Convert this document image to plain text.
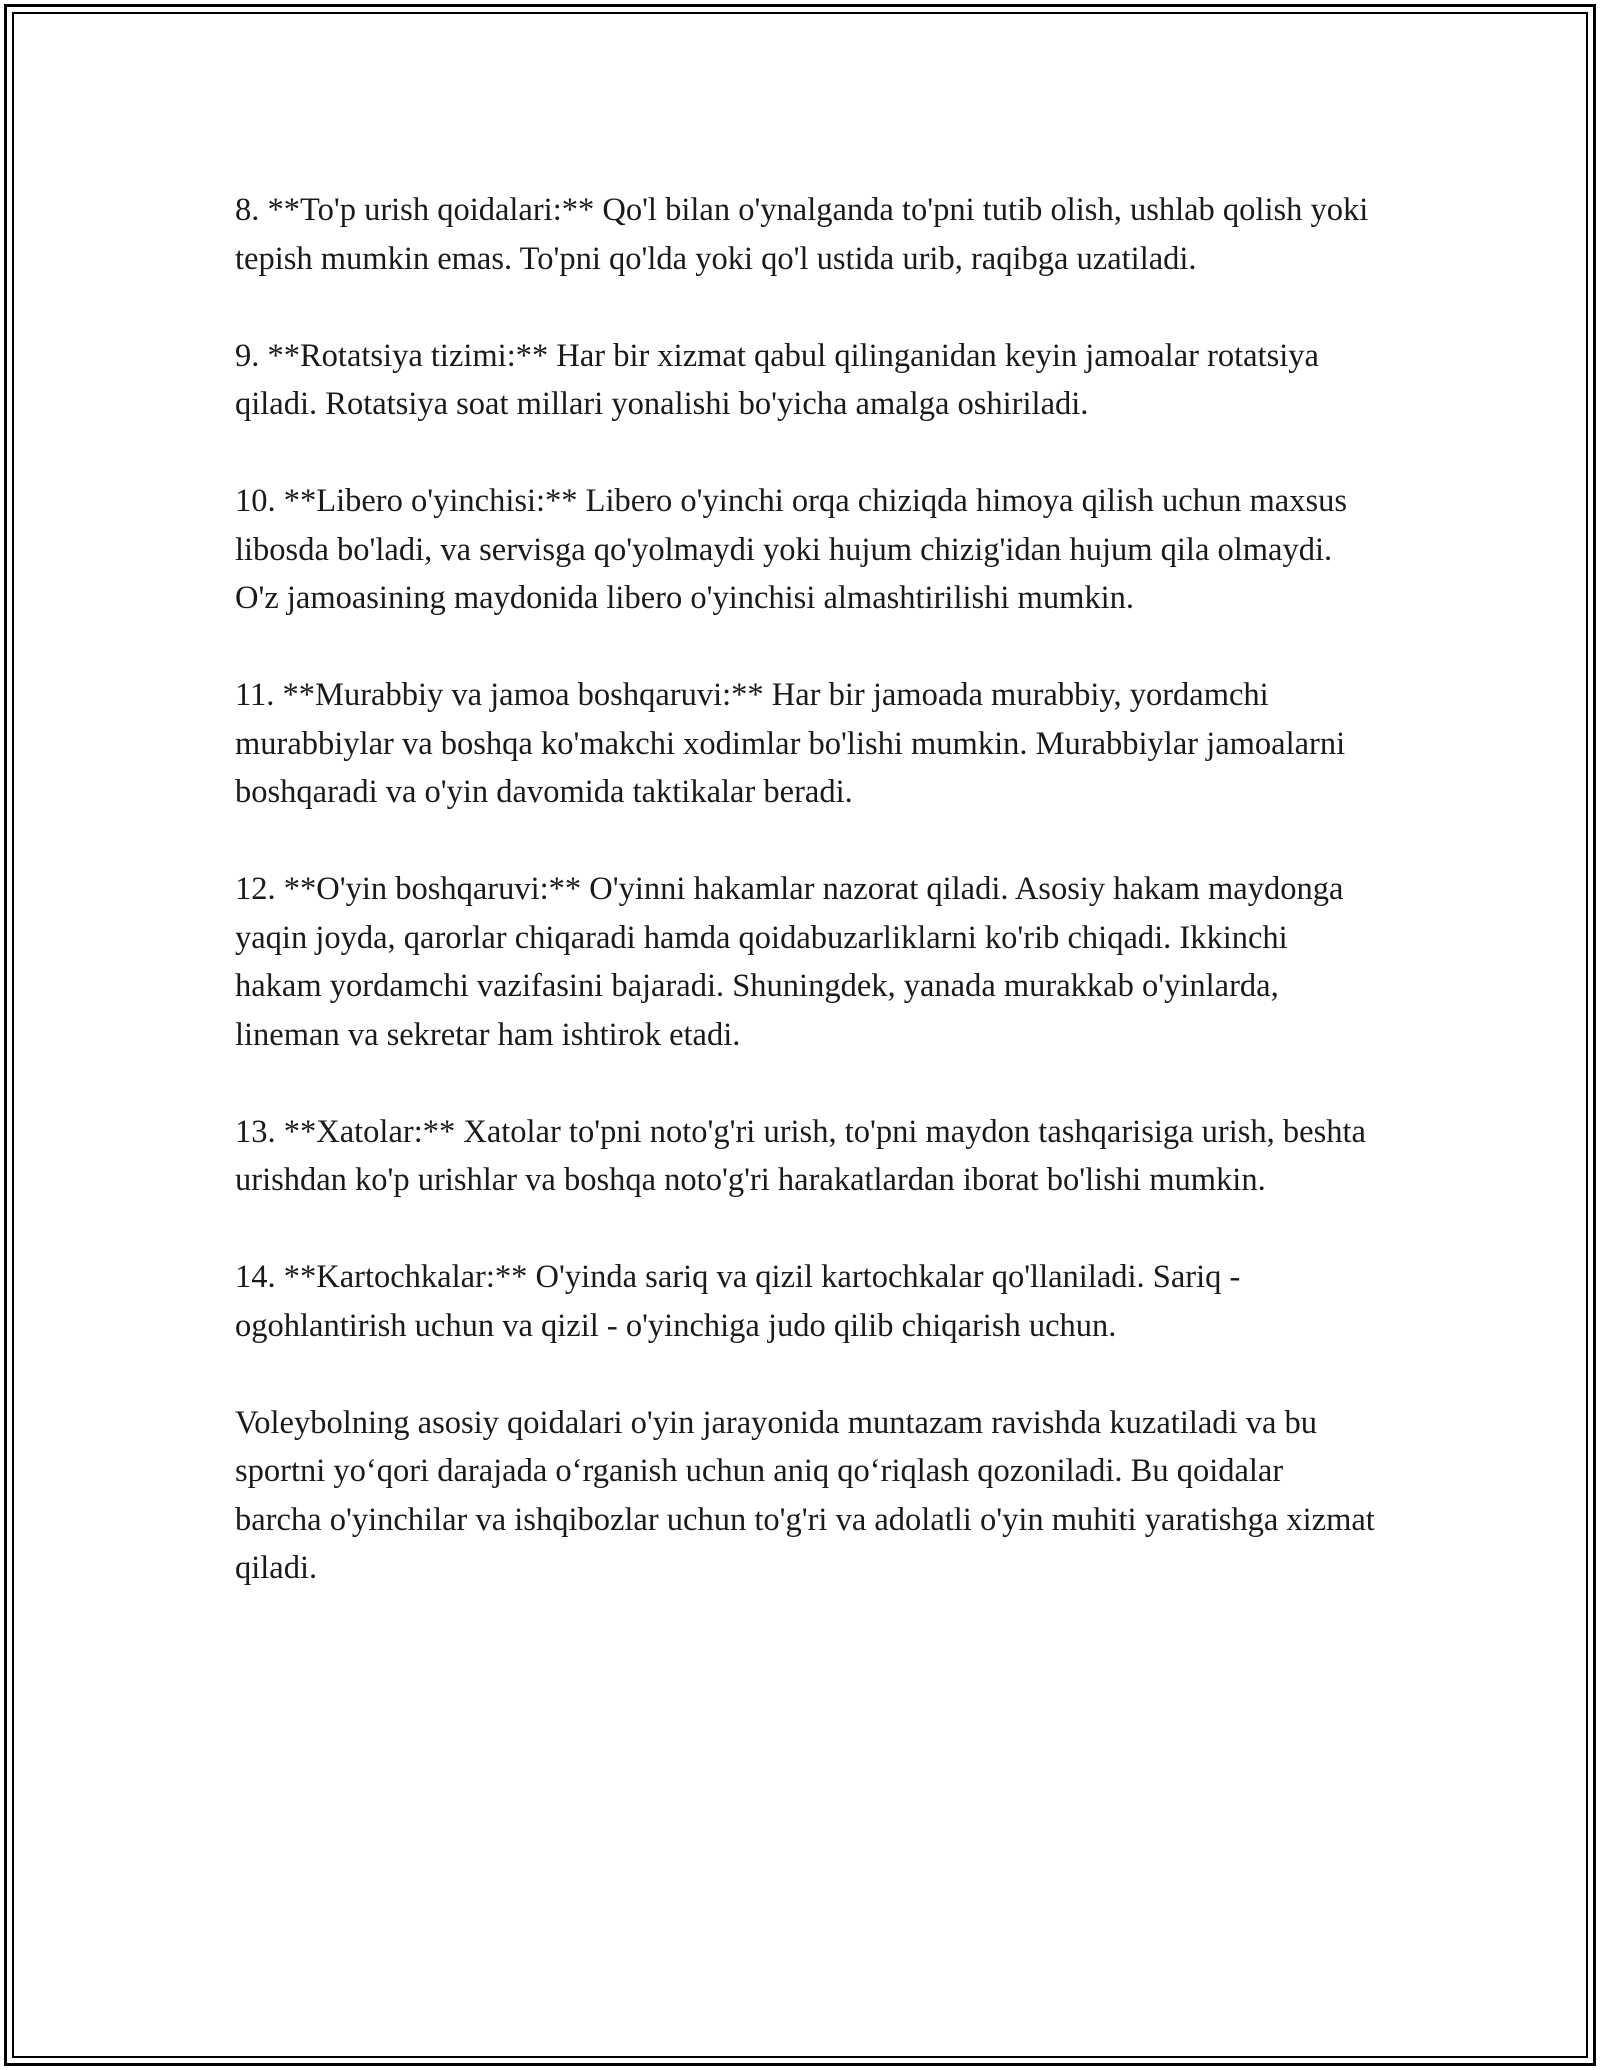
8. **To'p urish qoidalari:** Qo'l bilan o'ynalganda to'pni tutib olish, ushlab qolish yoki tepish mumkin emas. To'pni qo'lda yoki qo'l ustida urib, raqibga uzatiladi.

9. **Rotatsiya tizimi:** Har bir xizmat qabul qilinganidan keyin jamoalar rotatsiya qiladi. Rotatsiya soat millari yonalishi bo'yicha amalga oshiriladi.

10. **Libero o'yinchisi:** Libero o'yinchi orqa chiziqda himoya qilish uchun maxsus libosda bo'ladi, va servisga qo'yolmaydi yoki hujum chizig'idan hujum qila olmaydi. O'z jamoasining maydonida libero o'yinchisi almashtirilishi mumkin.

11. **Murabbiy va jamoa boshqaruvi:** Har bir jamoada murabbiy, yordamchi murabbiylar va boshqa ko'makchi xodimlar bo'lishi mumkin. Murabbiylar jamoalarni boshqaradi va o'yin davomida taktikalar beradi.

12. **O'yin boshqaruvi:** O'yinni hakamlar nazorat qiladi. Asosiy hakam maydonga yaqin joyda, qarorlar chiqaradi hamda qoidabuzarliklarni ko'rib chiqadi. Ikkinchi hakam yordamchi vazifasini bajaradi. Shuningdek, yanada murakkab o'yinlarda, lineman va sekretar ham ishtirok etadi.

13. **Xatolar:** Xatolar to'pni noto'g'ri urish, to'pni maydon tashqarisiga urish, beshta urishdan ko'p urishlar va boshqa noto'g'ri harakatlardan iborat bo'lishi mumkin.

14. **Kartochkalar:** O'yinda sariq va qizil kartochkalar qo'llaniladi. Sariq - ogohlantirish uchun va qizil - o'yinchiga judo qilib chiqarish uchun.

Voleybolning asosiy qoidalari o'yin jarayonida muntazam ravishda kuzatiladi va bu sportni yo‘qori darajada o‘rganish uchun aniq qo‘riqlash qozoniladi. Bu qoidalar barcha o'yinchilar va ishqibozlar uchun to'g'ri va adolatli o'yin muhiti yaratishga xizmat qiladi.
